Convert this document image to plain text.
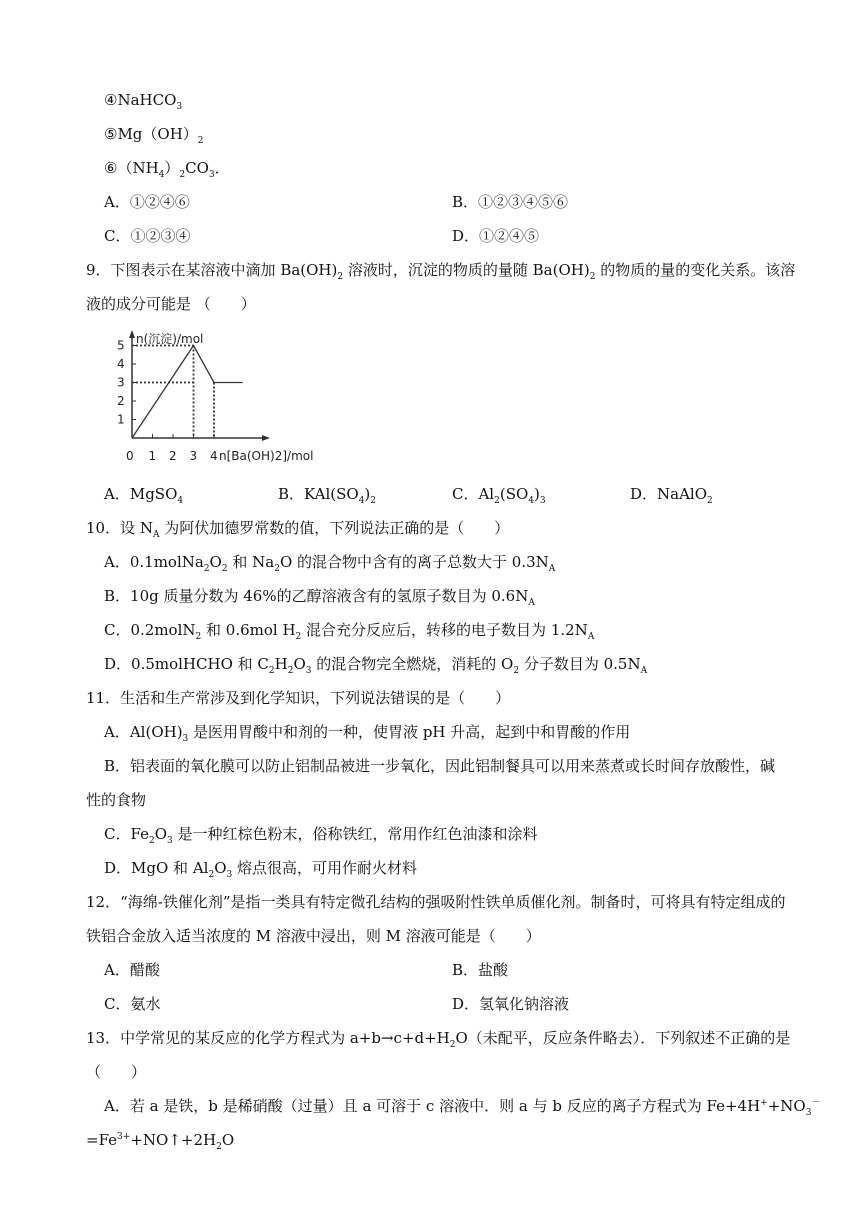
④NaHCO$_3$
$⑤Mg(OH)_2$
$⑥(NH_4)_2CO_3$．
A．①②④⑥	B．①②③④⑤⑥
C．①②③④	D．①②④⑤
9．下图表示在某溶液中滴加 $Ba(OH)_2$ 溶液时，沉淀的物质的量随 $Ba(OH)_2$ 的物质的量的变化关系。该溶
液的成分可能是 （　　）
n(沉淀)/mol
n[Ba(OH)2]/mol
0 1 2 3 4
1
2
3
4
5
A．MgSO$_4$	B．$KAl(SO_4)_2$	C．$Al_2(SO_4)_3$	D．NaAlO$_2$
10．设 $N_A$ 为阿伏加德罗常数的值，下列说法正确的是（　　）
A．$0.1molNa_2O_2$ 和 $Na_2O$ 的混合物中含有的离子总数大于 $0.3N_A$
B．10g 质量分数为 46%的乙醇溶液含有的氢原子数目为 $0.6N_A$
C．0.2molN$_2$ 和 0.6mol $H_2$ 混合充分反应后，转移的电子数目为 $1.2N_A$
D．0.5molHCHO 和 $C_2H_2O_3$ 的混合物完全燃烧，消耗的 $O_2$ 分子数目为 $0.5N_A$
11．生活和生产常涉及到化学知识，下列说法错误的是（　　）
A．$Al(OH)_3$ 是医用胃酸中和剂的一种，使胃液 pH 升高，起到中和胃酸的作用
B．铝表面的氧化膜可以防止铝制品被进一步氧化，因此铝制餐具可以用来蒸煮或长时间存放酸性，碱
性的食物
C．$Fe_2O_3$ 是一种红棕色粉末，俗称铁红，常用作红色油漆和涂料
D．MgO 和 $Al_2O_3$ 熔点很高，可用作耐火材料
12．“海绵-铁催化剂”是指一类具有特定微孔结构的强吸附性铁单质催化剂。制备时，可将具有特定组成的
铁铝合金放入适当浓度的 M 溶液中浸出，则 M 溶液可能是（　　）
A．醋酸	B．盐酸
C．氨水	D．氢氧化钠溶液
13．中学常见的某反应的化学方程式为 $a+b\to c+d+H_2O$（未配平，反应条件略去）．下列叙述不正确的是
（　　）
A．若 a 是铁，b 是稀硝酸（过量）且 a 可溶于 c 溶液中．则 a 与 b 反应的离子方程式为 $Fe+4H^++NO_3^-$
$=Fe^{3+}+NO↑+2H_2O$
